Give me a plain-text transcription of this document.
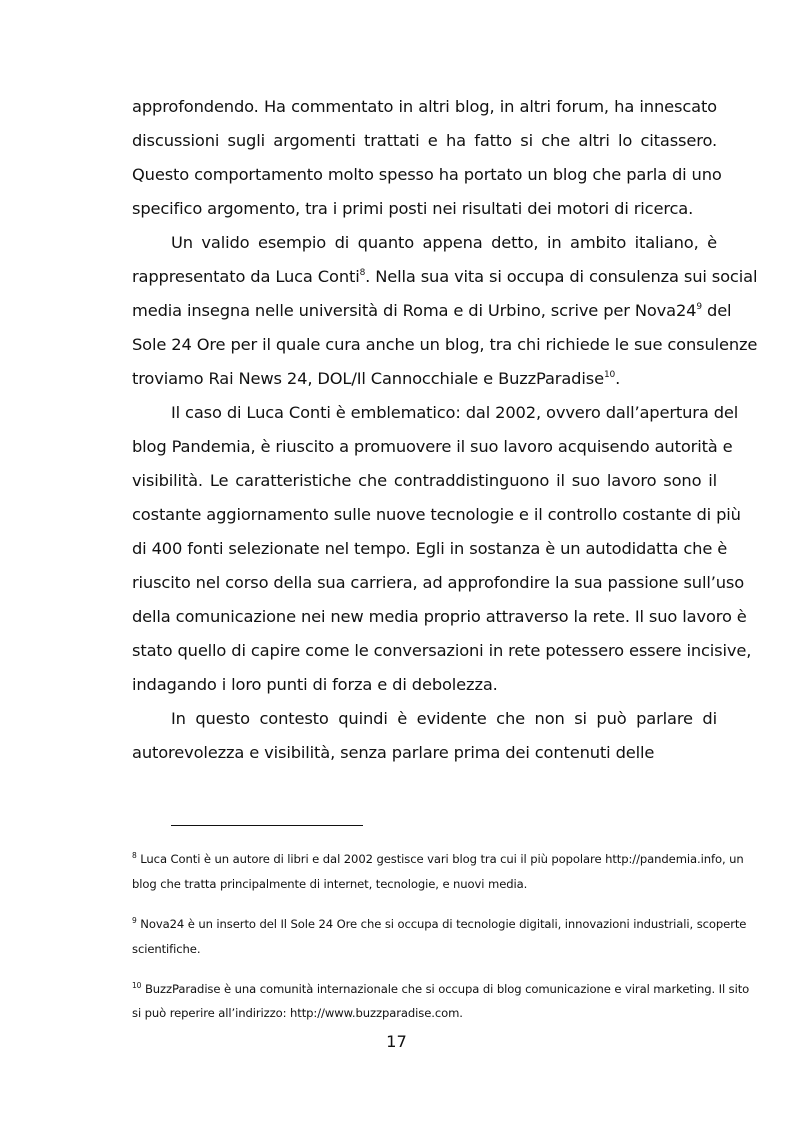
approfondendo. Ha commentato in altri blog, in altri forum, ha innescato
discussioni sugli argomenti trattati e ha fatto si che altri lo citassero.
Questo comportamento molto spesso ha portato un blog che parla di uno
specifico argomento, tra i primi posti nei risultati dei motori di ricerca.
Un valido esempio di quanto appena detto, in ambito italiano, è
rappresentato da Luca Conti$^8$. Nella sua vita si occupa di consulenza sui social
media insegna nelle università di Roma e di Urbino, scrive per $Nova24^9$ del
Sole 24 Ore per il quale cura anche un blog, tra chi richiede le sue consulenze
troviamo Rai News 24, DOL/Il Cannocchiale e BuzzParadise$^{10}$.
Il caso di Luca Conti è emblematico: dal 2002, ovvero dall’apertura del
blog Pandemia, è riuscito a promuovere il suo lavoro acquisendo autorità e
visibilità. Le caratteristiche che contraddistinguono il suo lavoro sono il
costante aggiornamento sulle nuove tecnologie e il controllo costante di più
di 400 fonti selezionate nel tempo. Egli in sostanza è un autodidatta che è
riuscito nel corso della sua carriera, ad approfondire la sua passione sull’uso
della comunicazione nei new media proprio attraverso la rete. Il suo lavoro è
stato quello di capire come le conversazioni in rete potessero essere incisive,
indagando i loro punti di forza e di debolezza.
In questo contesto quindi è evidente che non si può parlare di
autorevolezza e visibilità, senza parlare prima dei contenuti delle
$^8$ Luca Conti è un autore di libri e dal 2002 gestisce vari blog tra cui il più popolare http://pandemia.info, un
blog che tratta principalmente di internet, tecnologie, e nuovi media.
$^9$ Nova24 è un inserto del Il Sole 24 Ore che si occupa di tecnologie digitali, innovazioni industriali, scoperte
scientifiche.
$^{10}$ BuzzParadise è una comunità internazionale che si occupa di blog comunicazione e viral marketing. Il sito
si può reperire all’indirizzo: http://www.buzzparadise.com.
17
